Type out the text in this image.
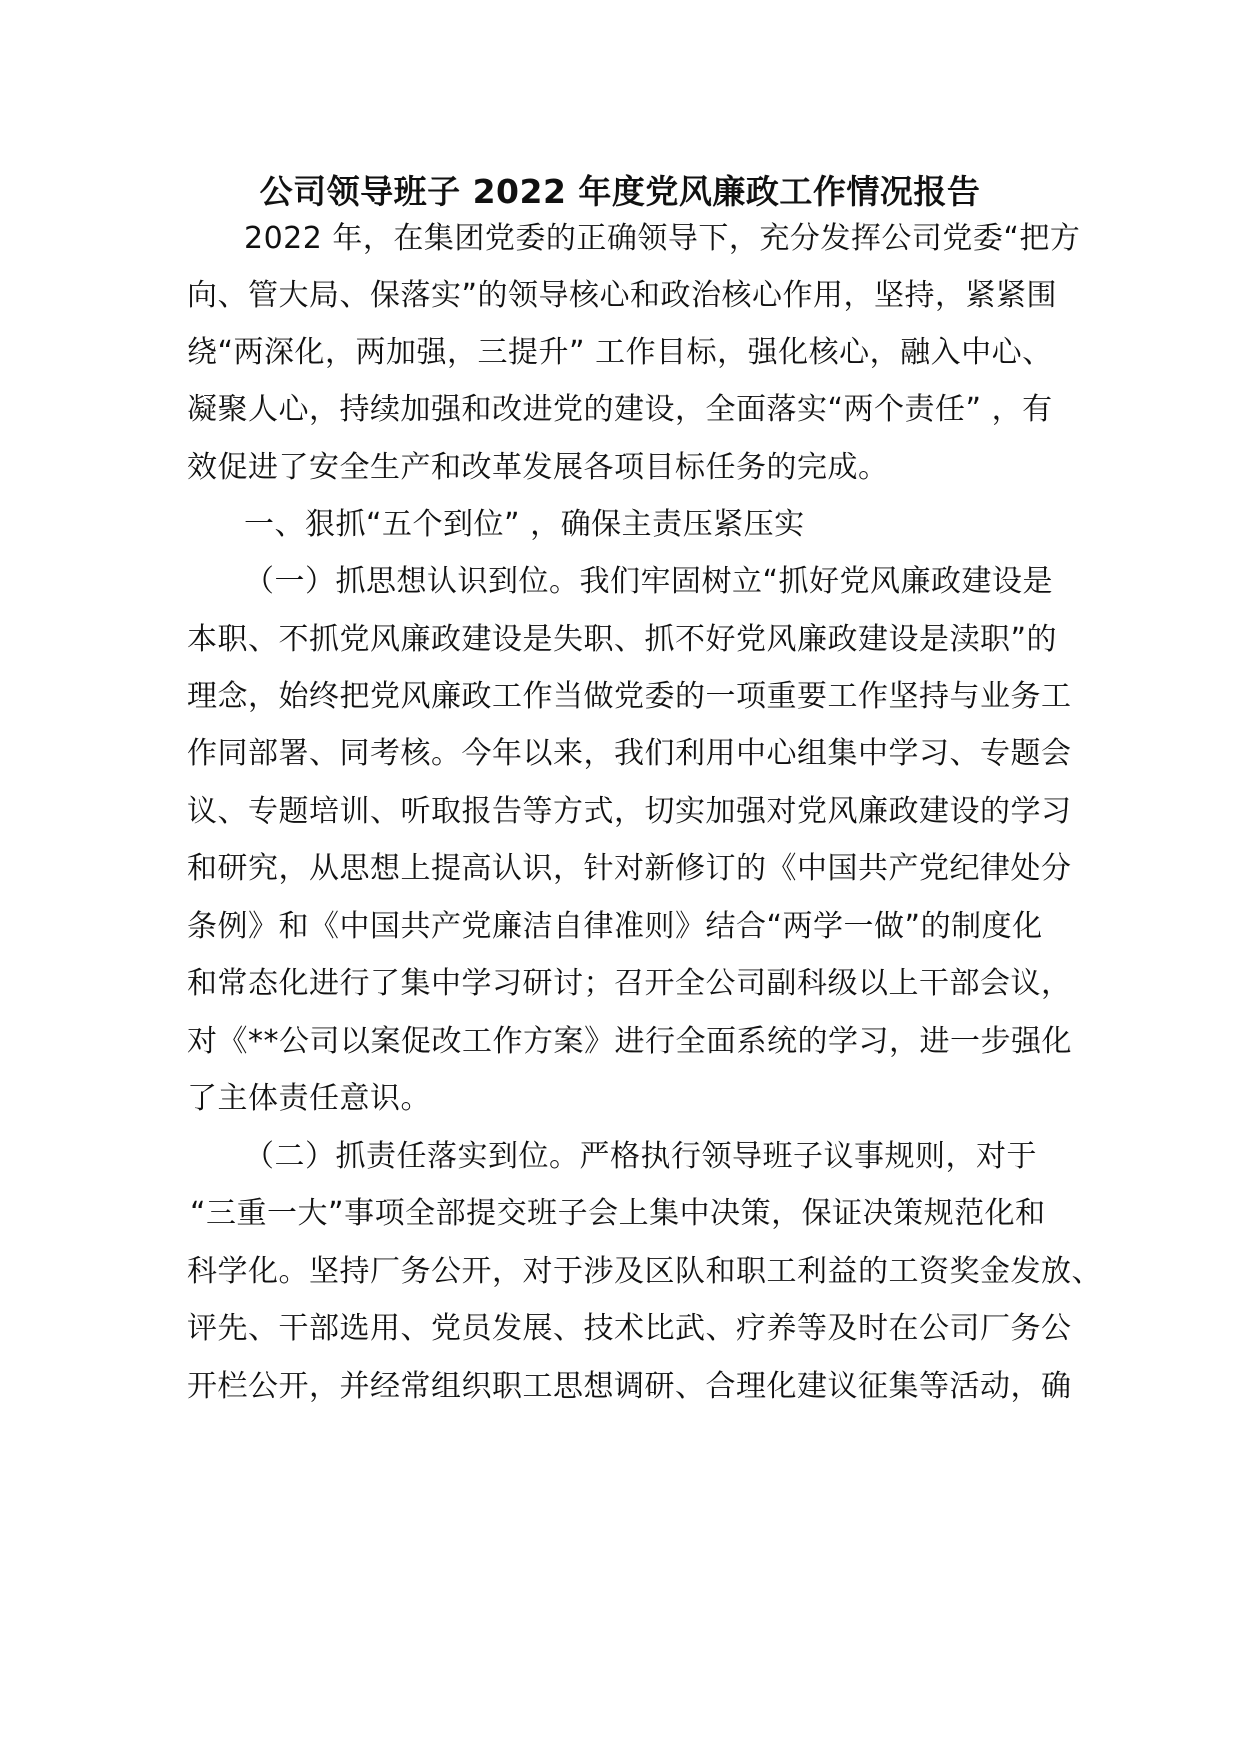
公司领导班子 2022 年度党风廉政工作情况报告
2022 年，在集团党委的正确领导下，充分发挥公司党委“把方
向、管大局、保落实”的领导核心和政治核心作用，坚持，紧紧围
绕“两深化，两加强，三提升” 工作目标，强化核心，融入中心、
凝聚人心，持续加强和改进党的建设，全面落实“两个责任” ，有
效促进了安全生产和改革发展各项目标任务的完成。
一、狠抓“五个到位” ，确保主责压紧压实
（一）抓思想认识到位。我们牢固树立“抓好党风廉政建设是
本职、不抓党风廉政建设是失职、抓不好党风廉政建设是渎职”的
理念，始终把党风廉政工作当做党委的一项重要工作坚持与业务工
作同部署、同考核。今年以来，我们利用中心组集中学习、专题会
议、专题培训、听取报告等方式，切实加强对党风廉政建设的学习
和研究，从思想上提高认识，针对新修订的《中国共产党纪律处分
条例》和《中国共产党廉洁自律准则》结合“两学一做”的制度化
和常态化进行了集中学习研讨；召开全公司副科级以上干部会议，
对《**公司以案促改工作方案》进行全面系统的学习，进一步强化
了主体责任意识。
（二）抓责任落实到位。严格执行领导班子议事规则，对于
“三重一大”事项全部提交班子会上集中决策，保证决策规范化和
科学化。坚持厂务公开，对于涉及区队和职工利益的工资奖金发放、
评先、干部选用、党员发展、技术比武、疗养等及时在公司厂务公
开栏公开，并经常组织职工思想调研、合理化建议征集等活动，确
